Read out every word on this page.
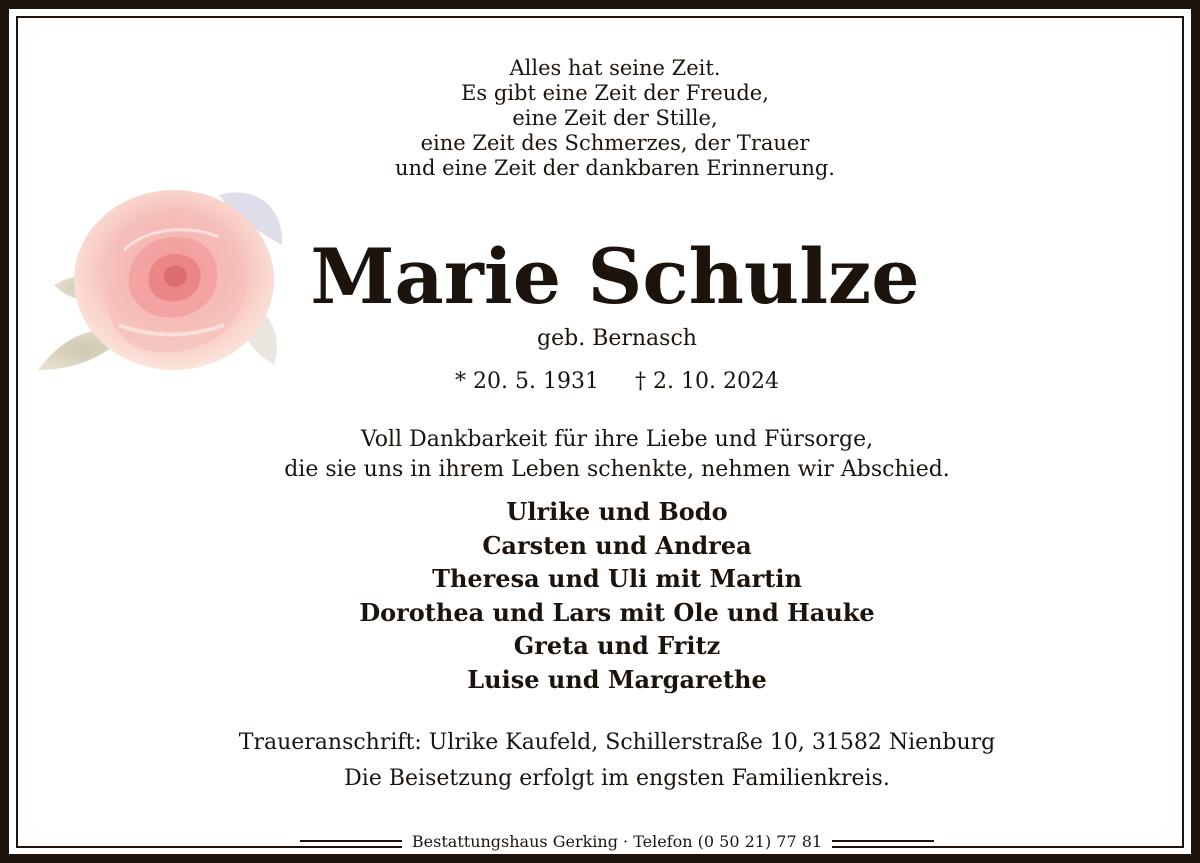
Alles hat seine Zeit.
Es gibt eine Zeit der Freude,
eine Zeit der Stille,
eine Zeit des Schmerzes, der Trauer
und eine Zeit der dankbaren Erinnerung.
Marie Schulze
geb. Bernasch
* 20. 5. 1931 † 2. 10. 2024
Voll Dankbarkeit für ihre Liebe und Fürsorge,
die sie uns in ihrem Leben schenkte, nehmen wir Abschied.
Ulrike und Bodo
Carsten und Andrea
Theresa und Uli mit Martin
Dorothea und Lars mit Ole und Hauke
Greta und Fritz
Luise und Margarethe
Traueranschrift: Ulrike Kaufeld, Schillerstraße 10, 31582 Nienburg
Die Beisetzung erfolgt im engsten Familienkreis.
Bestattungshaus Gerking · Telefon (0 50 21) 77 81
